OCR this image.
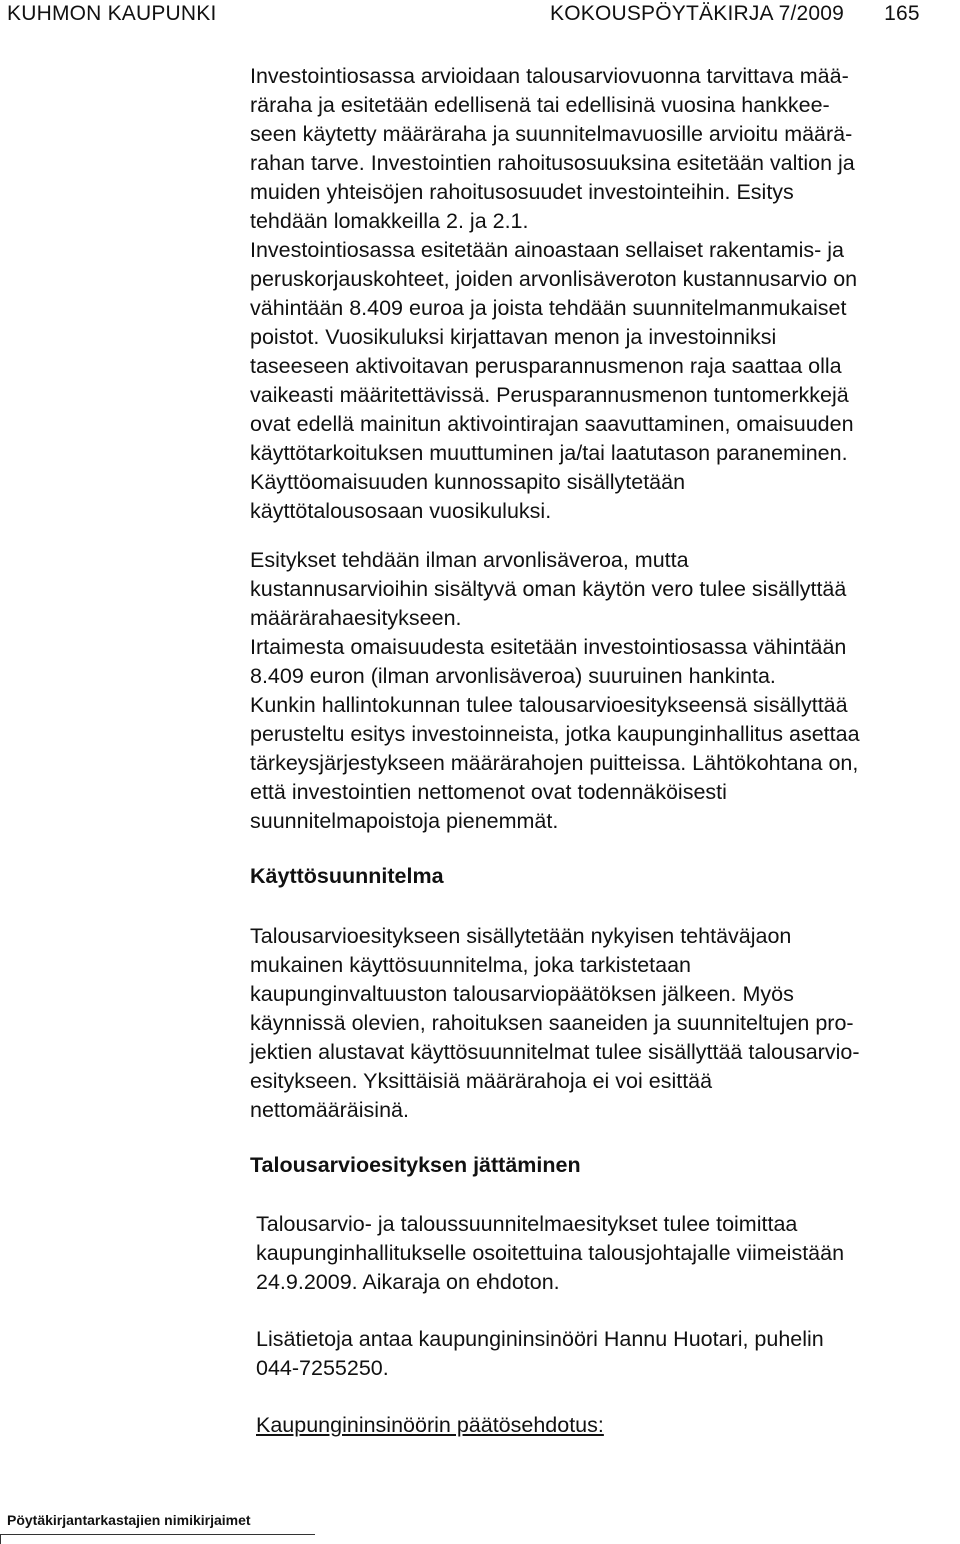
KUHMON KAUPUNKI	KOKOUSPÖYTÄKIRJA 7/2009 165
Investointiosassa arvioidaan talousarviovuonna tarvittava mää-
räraha ja esitetään edellisenä tai edellisinä vuosina hankkee-
seen käytetty määräraha ja suunnitelmavuosille arvioitu määrä-
rahan tarve. Investointien rahoitusosuuksina esitetään valtion ja
muiden yhteisöjen rahoitusosuudet investointeihin. Esitys
tehdään lomakkeilla 2. ja 2.1.
Investointiosassa esitetään ainoastaan sellaiset rakentamis- ja
peruskorjauskohteet, joiden arvonlisäveroton kustannusarvio on
vähintään 8.409 euroa ja joista tehdään suunnitelmanmukaiset
poistot. Vuosikuluksi kirjattavan menon ja investoinniksi
taseeseen aktivoitavan perusparannusmenon raja saattaa olla
vaikeasti määritettävissä. Perusparannusmenon tuntomerkkejä
ovat edellä mainitun aktivointirajan saavuttaminen, omaisuuden
käyttötarkoituksen muuttuminen ja/tai laatutason paraneminen.
Käyttöomaisuuden kunnossapito sisällytetään
käyttötalousosaan vuosikuluksi.
Esitykset tehdään ilman arvonlisäveroa, mutta
kustannusarvioihin sisältyvä oman käytön vero tulee sisällyttää
määrärahaesitykseen.
Irtaimesta omaisuudesta esitetään investointiosassa vähintään
8.409 euron (ilman arvonlisäveroa) suuruinen hankinta.
Kunkin hallintokunnan tulee talousarvioesitykseensä sisällyttää
perusteltu esitys investoinneista, jotka kaupunginhallitus asettaa
tärkeysjärjestykseen määrärahojen puitteissa. Lähtökohtana on,
että investointien nettomenot ovat todennäköisesti
suunnitelmapoistoja pienemmät.
Käyttösuunnitelma
Talousarvioesitykseen sisällytetään nykyisen tehtäväjaon
mukainen käyttösuunnitelma, joka tarkistetaan
kaupunginvaltuuston talousarviopäätöksen jälkeen. Myös
käynnissä olevien, rahoituksen saaneiden ja suunniteltujen pro-
jektien alustavat käyttösuunnitelmat tulee sisällyttää talousarvio-
esitykseen. Yksittäisiä määrärahoja ei voi esittää
nettomääräisinä.
Talousarvioesityksen jättäminen
Talousarvio- ja taloussuunnitelmaesitykset tulee toimittaa
kaupunginhallitukselle osoitettuina talousjohtajalle viimeistään
24.9.2009. Aikaraja on ehdoton.
Lisätietoja antaa kaupungininsinööri Hannu Huotari, puhelin
044-7255250.
Kaupungininsinöörin päätösehdotus:
Pöytäkirjantarkastajien nimikirjaimet
